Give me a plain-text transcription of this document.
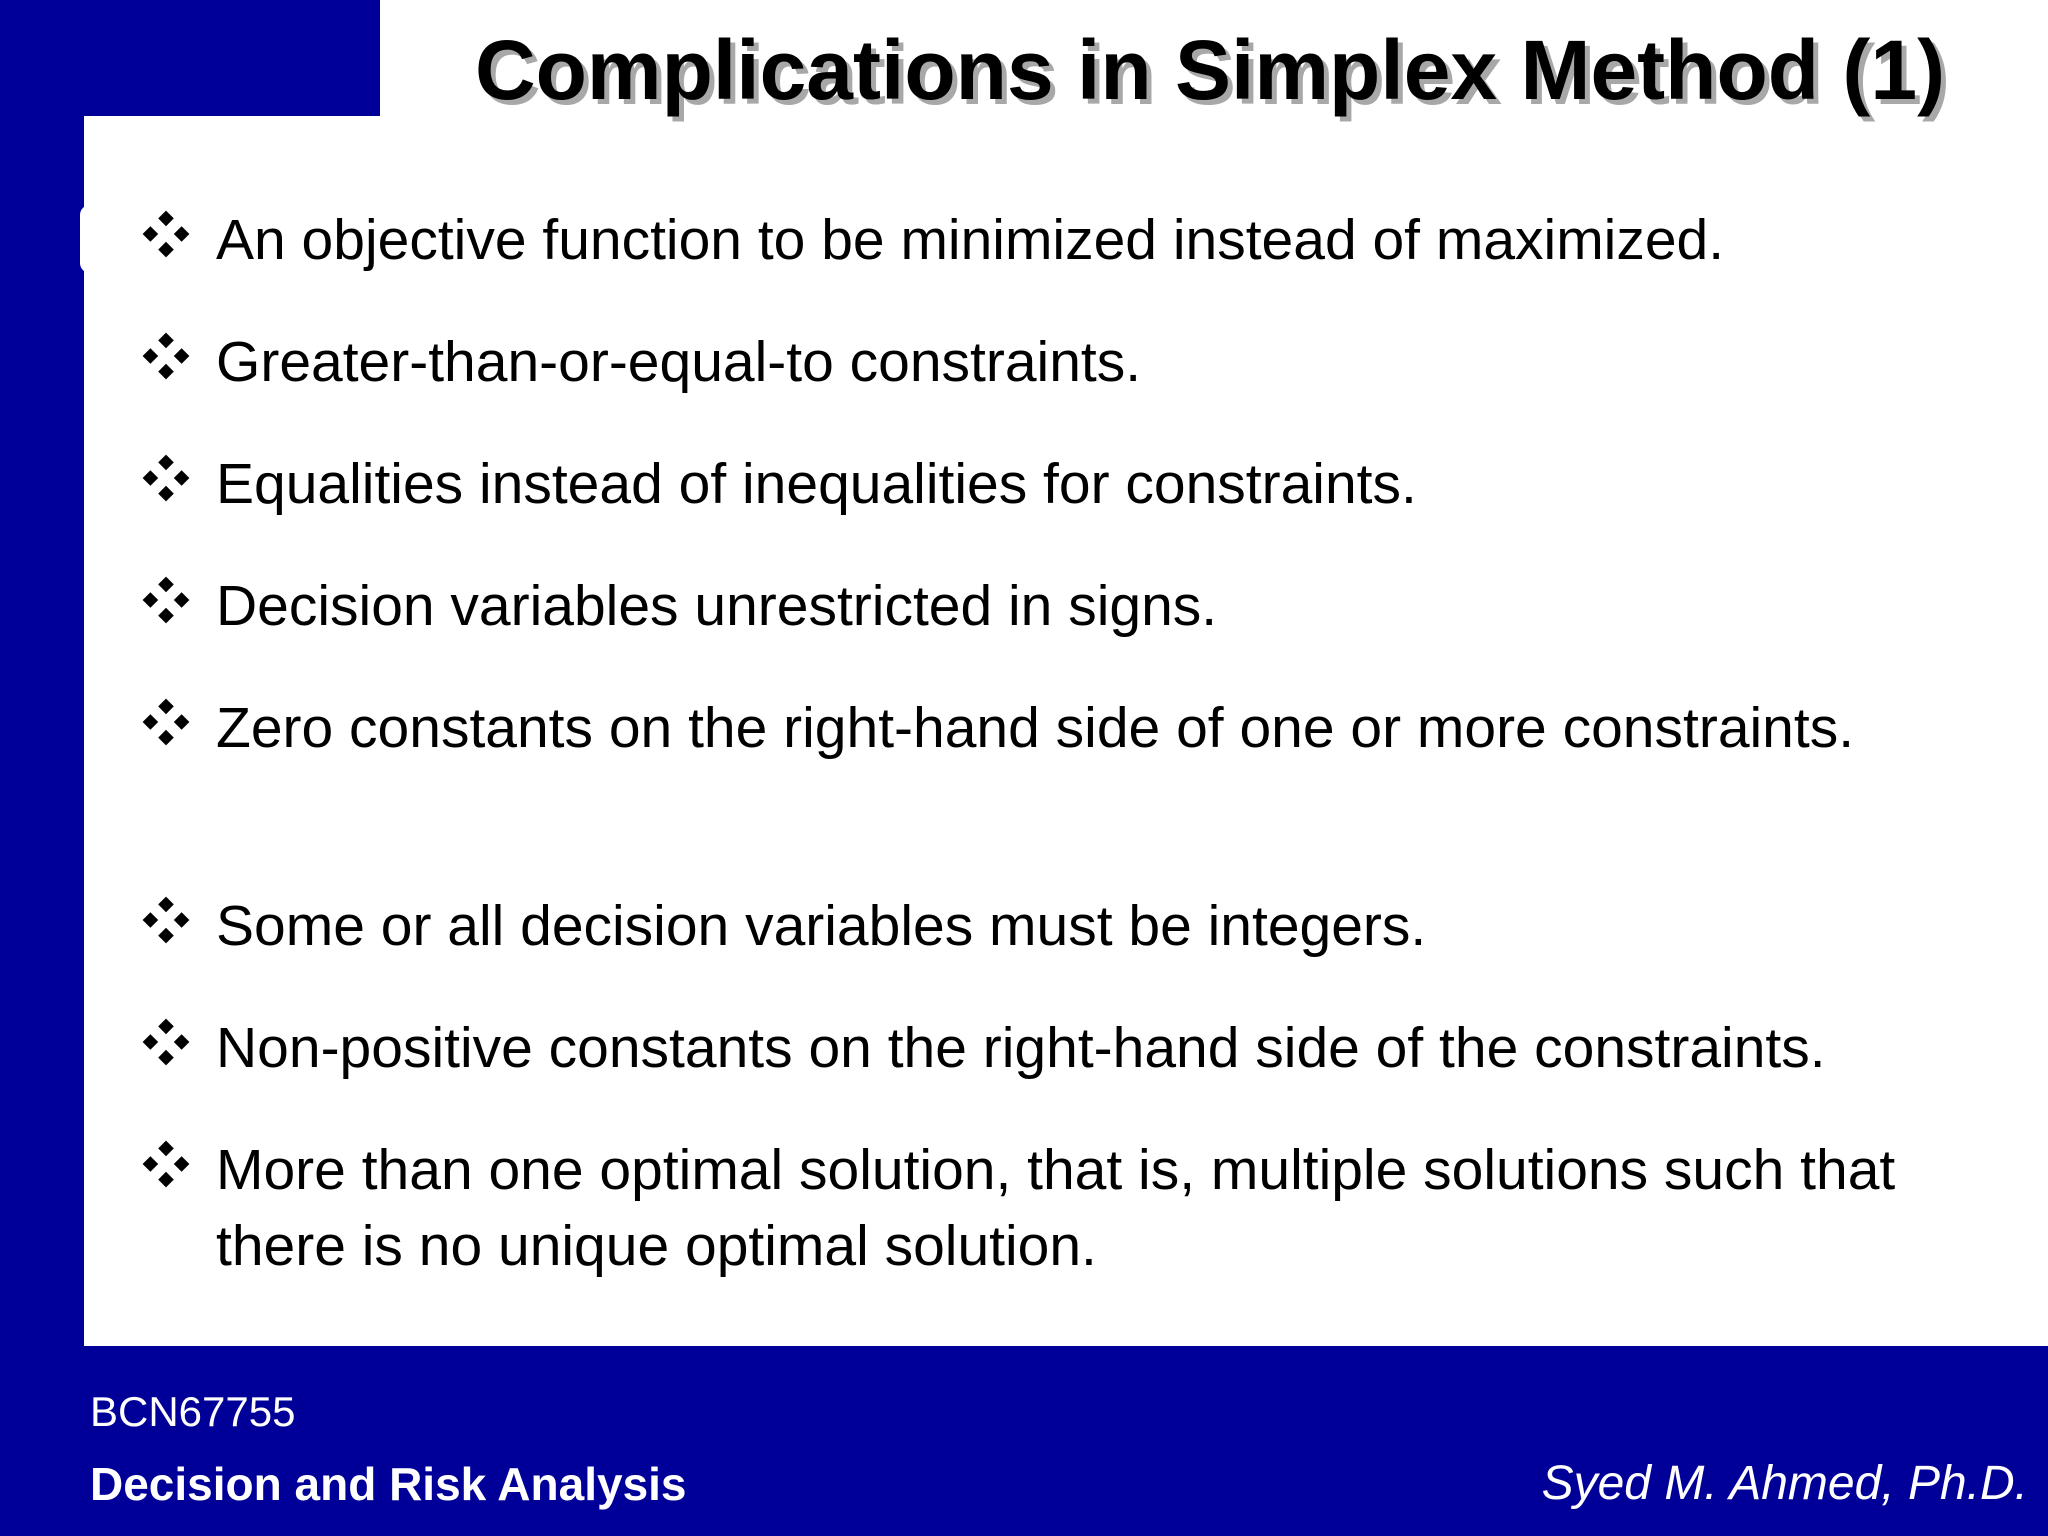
Complications in Simplex Method (1)
An objective function to be minimized instead of maximized.
Greater-than-or-equal-to constraints.
Equalities instead of inequalities for constraints.
Decision variables unrestricted in signs.
Zero constants on the right-hand side of one or more constraints.
Some or all decision variables must be integers.
Non-positive constants on the right-hand side of the constraints.
More than one optimal solution, that is, multiple solutions such that there is no unique optimal solution.
BCN67755
Decision and Risk Analysis	Syed M. Ahmed, Ph.D.
